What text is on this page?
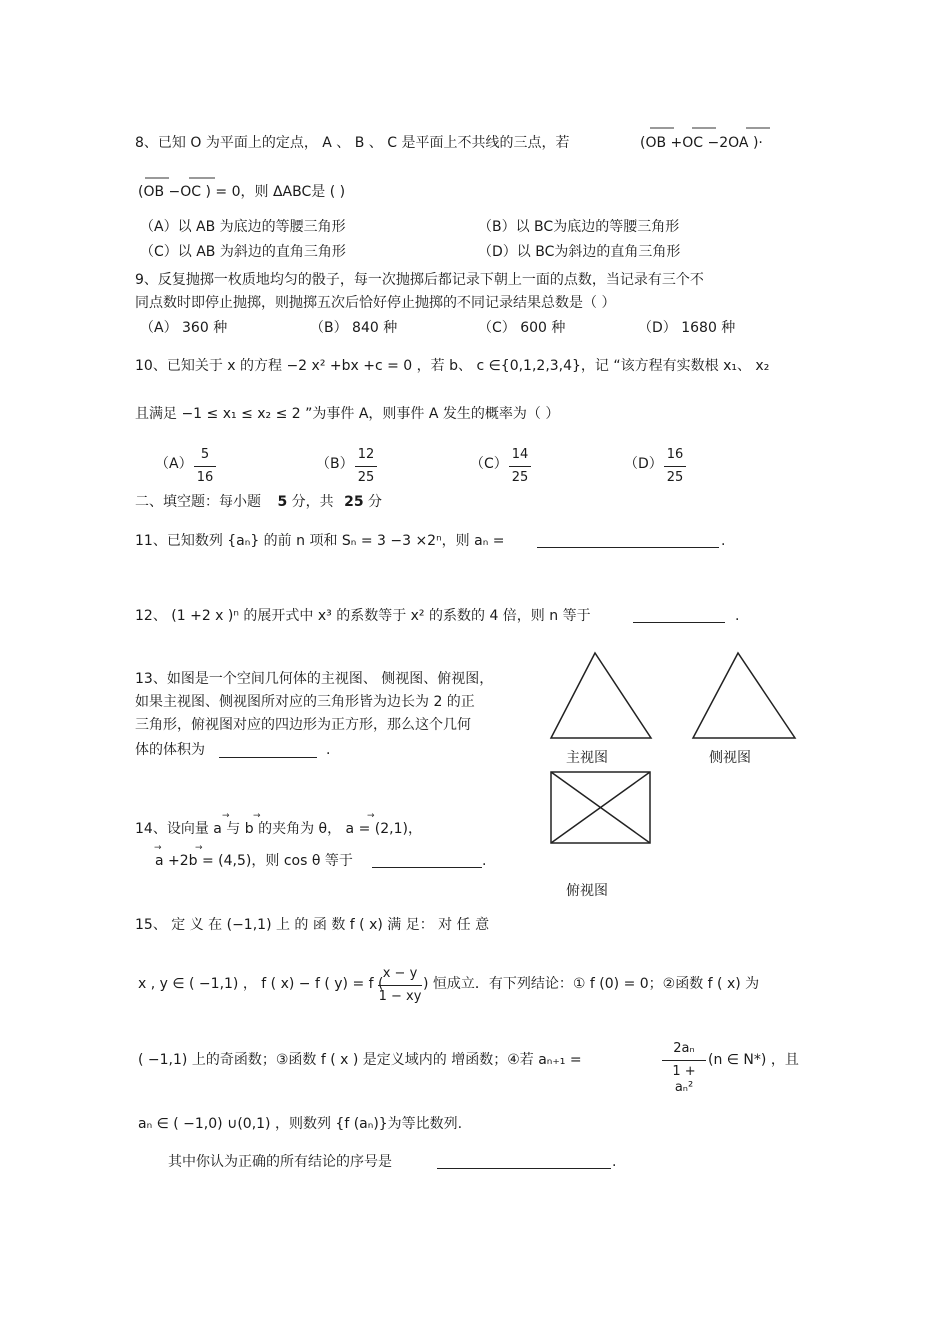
8、已知 O 为平面上的定点， A 、 B 、 C 是平面上不共线的三点，若	(OB +OC −2OA )·
(OB −OC ) = 0，则 ΔABC是 ( )
（A）以 AB 为底边的等腰三角形	（B）以 BC为底边的等腰三角形
（C）以 AB 为斜边的直角三角形	（D）以 BC为斜边的直角三角形
9、反复抛掷一枚质地均匀的骰子，每一次抛掷后都记录下朝上一面的点数，当记录有三个不
同点数时即停止抛掷，则抛掷五次后恰好停止抛掷的不同记录结果总数是（ ）
（A） 360 种	（B） 840 种	（C） 600 种	（D） 1680 种
10、已知关于 x 的方程 −2 x² +bx +c = 0 ，若 b、 c ∈{0,1,2,3,4}，记 “该方程有实数根 x₁、 x₂
且满足 −1 ≤ x₁ ≤ x₂ ≤ 2 ”为事件 A，则事件 A 发生的概率为（ ）
（A）
5
16
（B）
12
25
（C）
14
25
（D）
16
25
二、填空题：每小题 5 分，共 25 分
11、已知数列 {aₙ} 的前 n 项和 Sₙ = 3 −3 ×2ⁿ，则 aₙ =	.
12、 (1 +2 x )ⁿ 的展开式中 x³ 的系数等于 x² 的系数的 4 倍，则 n 等于	.
13、如图是一个空间几何体的主视图、 侧视图、俯视图，
如果主视图、侧视图所对应的三角形皆为边长为 2 的正
三角形，俯视图对应的四边形为正方形，那么这个几何
体的体积为	.	主视图	侧视图
俯视图
→	→	→
14、设向量 a 与 b 的夹角为 θ， a = (2,1)，
→	→
a +2b = (4,5)，则 cos θ 等于	.
15、 定 义 在 (−1,1) 上 的 函 数 f ( x) 满 足： 对 任 意
x , y ∈ ( −1,1) ， f ( x) − f ( y) = f (
x − y
1 − xy
) 恒成立．有下列结论：① f (0) = 0；②函数 f ( x) 为
( −1,1) 上的奇函数；③函数 f ( x ) 是定义域内的 增函数；④若 aₙ₊₁ =
2aₙ
1 + aₙ²
(n ∈ N*) ，且
aₙ ∈ ( −1,0) ∪(0,1) ，则数列 {f (aₙ)}为等比数列.
其中你认为正确的所有结论的序号是	.
